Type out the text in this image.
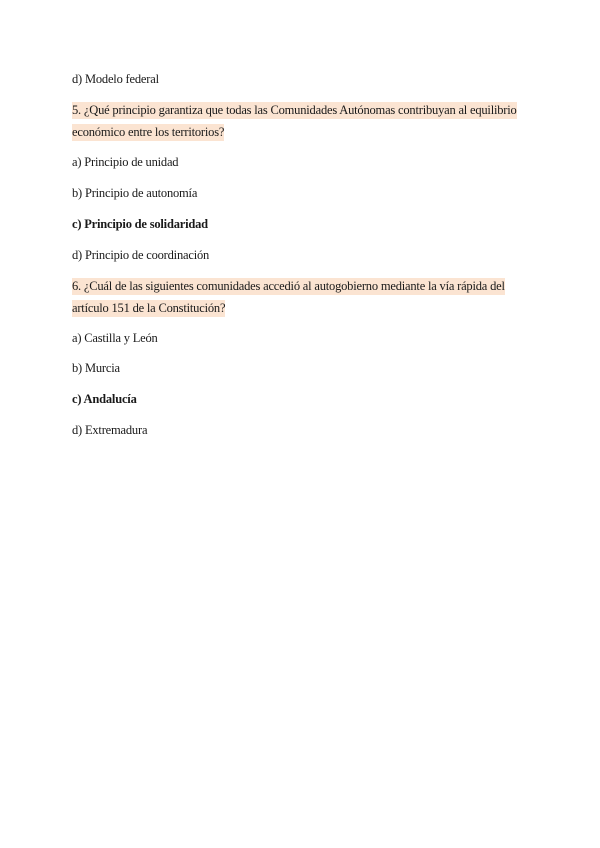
d) Modelo federal
5. ¿Qué principio garantiza que todas las Comunidades Autónomas contribuyan al equilibrio
económico entre los territorios?
a) Principio de unidad
b) Principio de autonomía
c) Principio de solidaridad
d) Principio de coordinación
6. ¿Cuál de las siguientes comunidades accedió al autogobierno mediante la vía rápida del
artículo 151 de la Constitución?
a) Castilla y León
b) Murcia
c) Andalucía
d) Extremadura
